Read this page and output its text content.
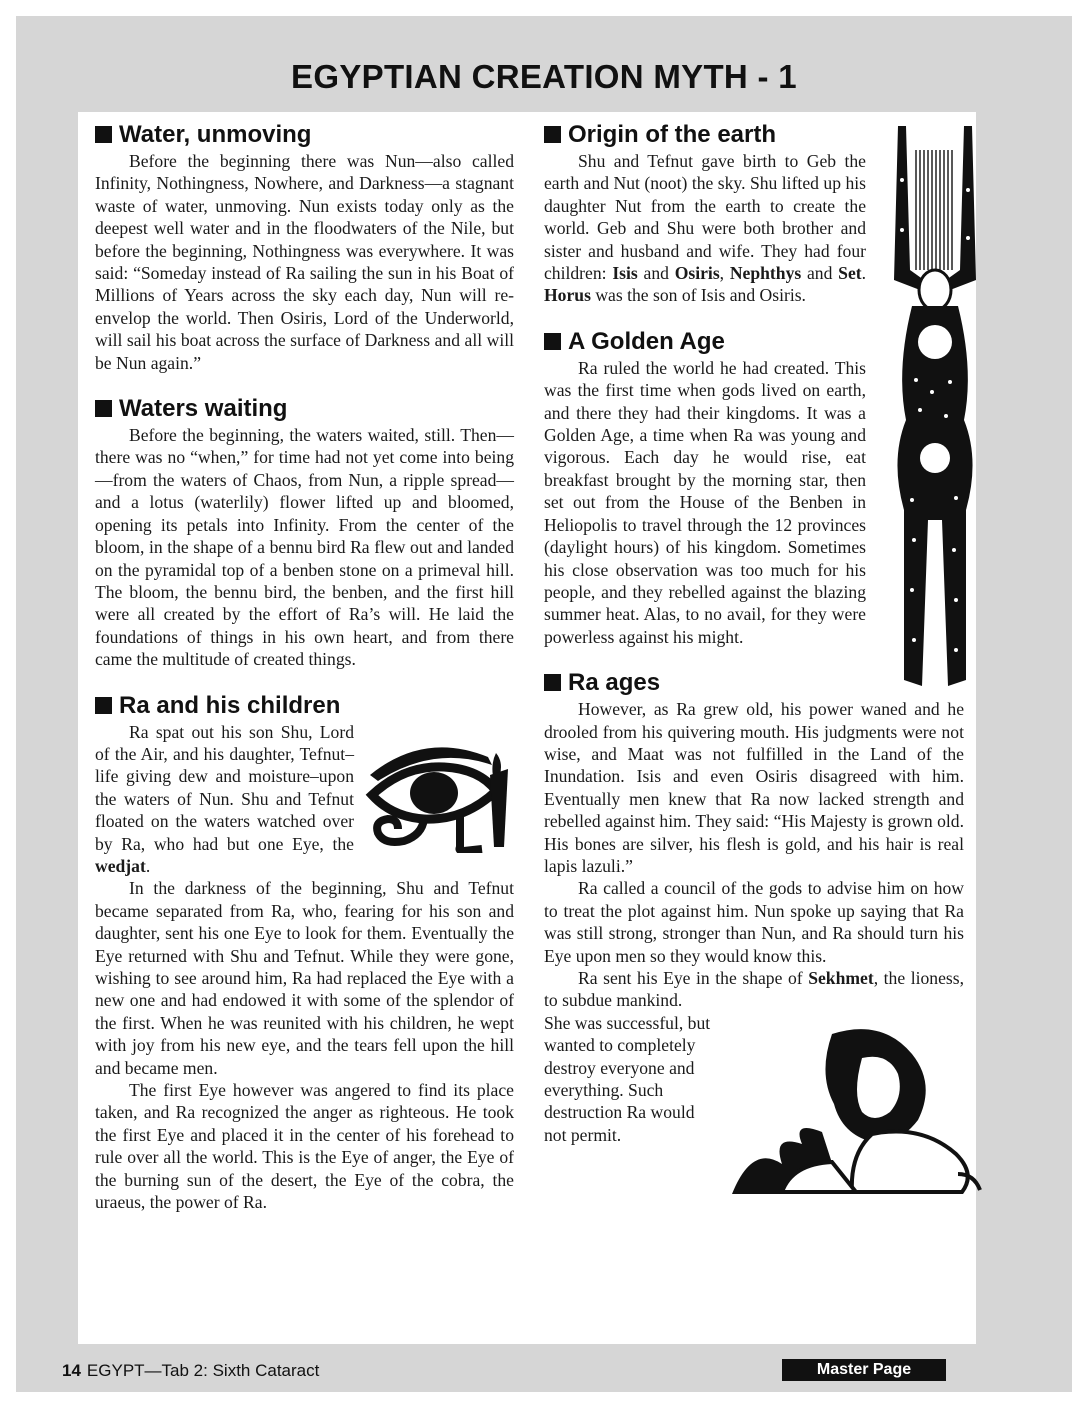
EGYPTIAN CREATION MYTH - 1
Water, unmoving

Before the beginning there was Nun—also called Infinity, Nothingness, Nowhere, and Darkness—a stagnant waste of water, unmoving. Nun exists today only as the deepest well water and in the floodwaters of the Nile, but before the beginning, Nothingness was everywhere. It was said: “Someday instead of Ra sailing the sun in his Boat of Millions of Years across the sky each day, Nun will re-envelop the world. Then Osiris, Lord of the Underworld, will sail his boat across the surface of Darkness and all will be Nun again.”

Waters waiting

Before the beginning, the waters waited, still. Then—there was no “when,” for time had not yet come into being—from the waters of Chaos, from Nun, a ripple spread—and a lotus (waterlily) flower lifted up and bloomed, opening its petals into Infinity. From the center of the bloom, in the shape of a bennu bird Ra flew out and landed on the pyramidal top of a benben stone on a primeval hill. The bloom, the bennu bird, the benben, and the first hill were all created by the effort of Ra’s will. He laid the foundations of things in his own heart, and from there came the multitude of created things.

Ra and his children

Ra spat out his son Shu, Lord of the Air, and his daughter, Tefnut–life giving dew and moisture–upon the waters of Nun. Shu and Tefnut floated on the waters watched over by Ra, who had but one Eye, the wedjat.

In the darkness of the beginning, Shu and Tefnut became separated from Ra, who, fearing for his son and daughter, sent his one Eye to look for them. Eventually the Eye returned with Shu and Tefnut. While they were gone, wishing to see around him, Ra had replaced the Eye with a new one and had endowed it with some of the splendor of the first. When he was reunited with his children, he wept with joy from his new eye, and the tears fell upon the hill and became men.

The first Eye however was angered to find its place taken, and Ra recognized the anger as righteous. He took the first Eye and placed it in the center of his forehead to rule over all the world. This is the Eye of anger, the Eye of the burning sun of the desert, the Eye of the cobra, the uraeus, the power of Ra.

Origin of the earth

Shu and Tefnut gave birth to Geb the earth and Nut (noot) the sky. Shu lifted up his daughter Nut from the earth to create the world. Geb and Shu were both brother and sister and husband and wife. They had four children: Isis and Osiris, Nephthys and Set. Horus was the son of Isis and Osiris.

A Golden Age

Ra ruled the world he had created. This was the first time when gods lived on earth, and there they had their kingdoms. It was a Golden Age, a time when Ra was young and vigorous. Each day he would rise, eat breakfast brought by the morning star, then set out from the House of the Benben in Heliopolis to travel through the 12 provinces (daylight hours) of his kingdom. Sometimes his close observation was too much for his people, and they rebelled against the blazing summer heat. Alas, to no avail, for they were powerless against his might.

Ra ages

However, as Ra grew old, his power waned and he drooled from his quivering mouth. His judgments were not wise, and Maat was not fulfilled in the Land of the Inundation. Isis and even Osiris disagreed with him. Eventually men knew that Ra now lacked strength and rebelled against him. They said: “His Majesty is grown old. His bones are silver, his flesh is gold, and his hair is real lapis lazuli.”

Ra called a council of the gods to advise him on how to treat the plot against him. Nun spoke up saying that Ra was still strong, stronger than Nun, and Ra should turn his Eye upon men so they would know this.

Ra sent his Eye in the shape of Sekhmet, the lioness, to subdue mankind.

She was successful, but wanted to completely destroy everyone and everything. Such destruction Ra would not permit.

14 EGYPT—Tab 2: Sixth Cataract	Master Page
